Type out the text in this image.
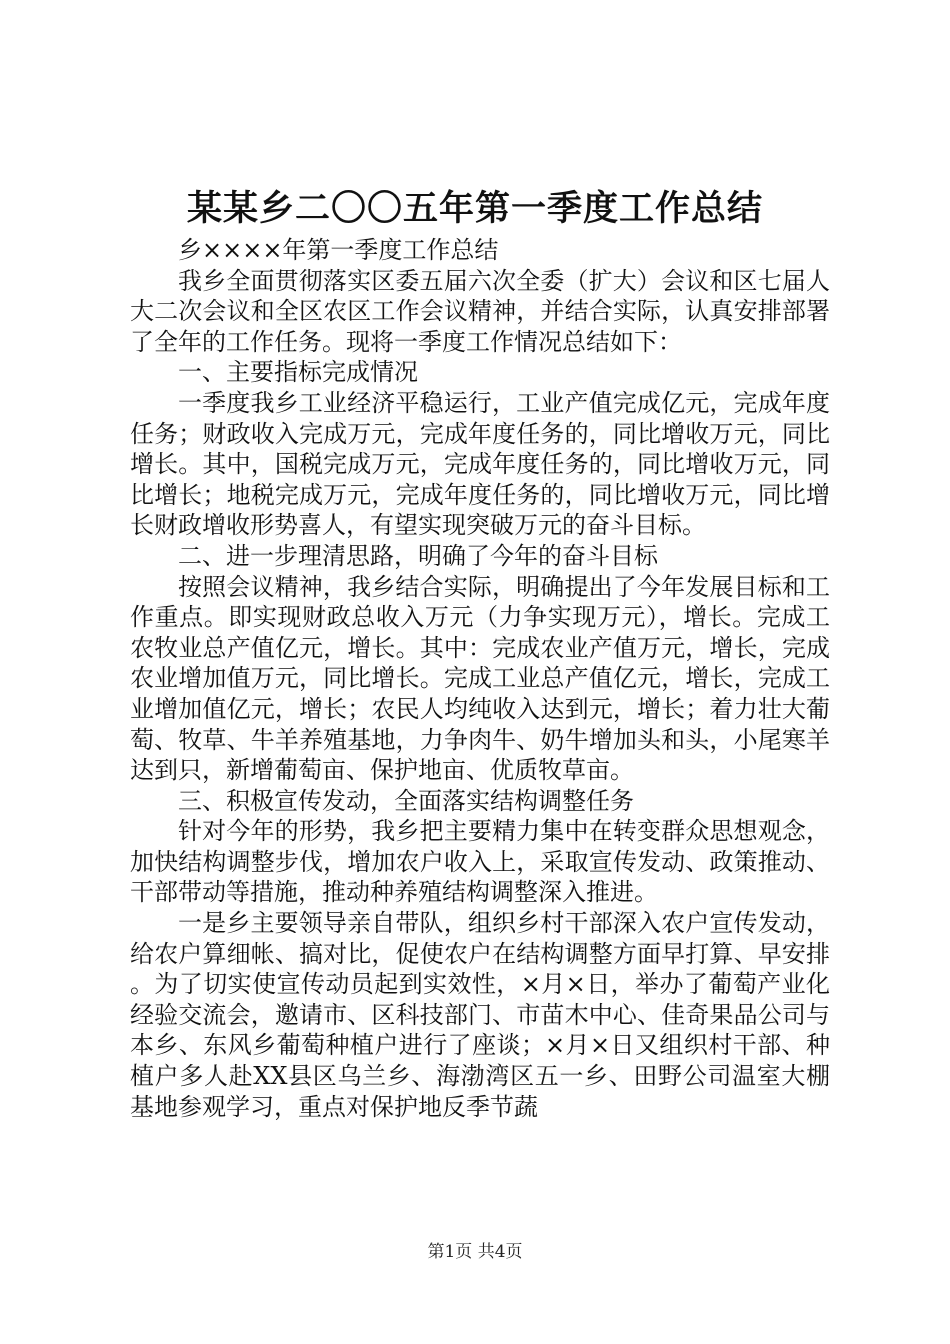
某某乡二〇〇五年第一季度工作总结

乡××××年第一季度工作总结

我乡全面贯彻落实区委五届六次全委（扩大）会议和区七届人大二次会议和全区农区工作会议精神，并结合实际，认真安排部署了全年的工作任务。现将一季度工作情况总结如下：

一、主要指标完成情况

一季度我乡工业经济平稳运行，工业产值完成亿元，完成年度任务；财政收入完成万元，完成年度任务的，同比增收万元，同比增长。其中，国税完成万元，完成年度任务的，同比增收万元，同比增长；地税完成万元，完成年度任务的，同比增收万元，同比增长财政增收形势喜人，有望实现突破万元的奋斗目标。

二、进一步理清思路，明确了今年的奋斗目标

按照会议精神，我乡结合实际，明确提出了今年发展目标和工作重点。即实现财政总收入万元（力争实现万元），增长。完成工农牧业总产值亿元，增长。其中：完成农业产值万元，增长，完成农业增加值万元，同比增长。完成工业总产值亿元，增长，完成工业增加值亿元，增长；农民人均纯收入达到元，增长；着力壮大葡萄、牧草、牛羊养殖基地，力争肉牛、奶牛增加头和头，小尾寒羊达到只，新增葡萄亩、保护地亩、优质牧草亩。

三、积极宣传发动，全面落实结构调整任务

针对今年的形势，我乡把主要精力集中在转变群众思想观念，加快结构调整步伐，增加农户收入上，采取宣传发动、政策推动、干部带动等措施，推动种养殖结构调整深入推进。

一是乡主要领导亲自带队，组织乡村干部深入农户宣传发动，给农户算细帐、搞对比，促使农户在结构调整方面早打算、早安排。为了切实使宣传动员起到实效性，×月×日，举办了葡萄产业化经验交流会，邀请市、区科技部门、市苗木中心、佳奇果品公司与本乡、东风乡葡萄种植户进行了座谈；×月×日又组织村干部、种植户多人赴XX县区乌兰乡、海渤湾区五一乡、田野公司温室大棚基地参观学习，重点对保护地反季节蔬

第1页 共4页
